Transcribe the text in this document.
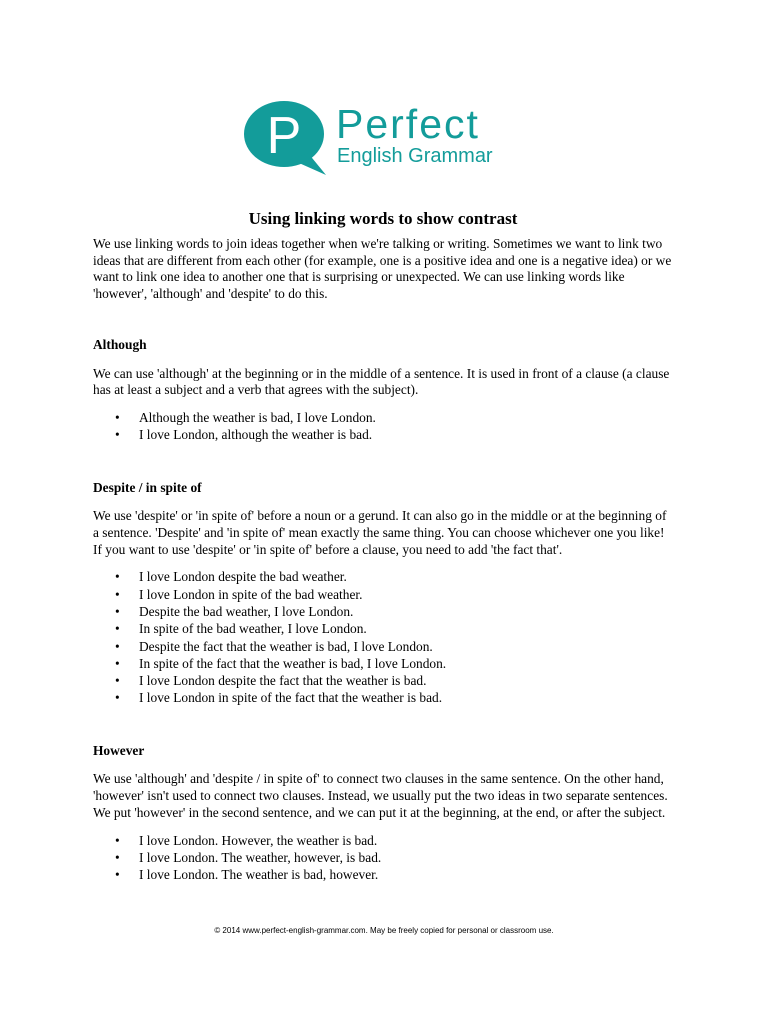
P Perfect
English Grammar
Using linking words to show contrast

We use linking words to join ideas together when we're talking or writing. Sometimes we want to link two ideas that are different from each other (for example, one is a positive idea and one is a negative idea) or we want to link one idea to another one that is surprising or unexpected. We can use linking words like 'however', 'although' and 'despite' to do this.

Although

We can use 'although' at the beginning or in the middle of a sentence. It is used in front of a clause (a clause has at least a subject and a verb that agrees with the subject).

• Although the weather is bad, I love London.
• I love London, although the weather is bad.

Despite / in spite of

We use 'despite' or 'in spite of' before a noun or a gerund. It can also go in the middle or at the beginning of a sentence. 'Despite' and 'in spite of' mean exactly the same thing. You can choose whichever one you like! If you want to use 'despite' or 'in spite of' before a clause, you need to add 'the fact that'.

• I love London despite the bad weather.
• I love London in spite of the bad weather.
• Despite the bad weather, I love London.
• In spite of the bad weather, I love London.
• Despite the fact that the weather is bad, I love London.
• In spite of the fact that the weather is bad, I love London.
• I love London despite the fact that the weather is bad.
• I love London in spite of the fact that the weather is bad.

However

We use 'although' and 'despite / in spite of' to connect two clauses in the same sentence. On the other hand, 'however' isn't used to connect two clauses. Instead, we usually put the two ideas in two separate sentences. We put 'however' in the second sentence, and we can put it at the beginning, at the end, or after the subject.

• I love London. However, the weather is bad.
• I love London. The weather, however, is bad.
• I love London. The weather is bad, however.
© 2014 www.perfect-english-grammar.com. May be freely copied for personal or classroom use.
